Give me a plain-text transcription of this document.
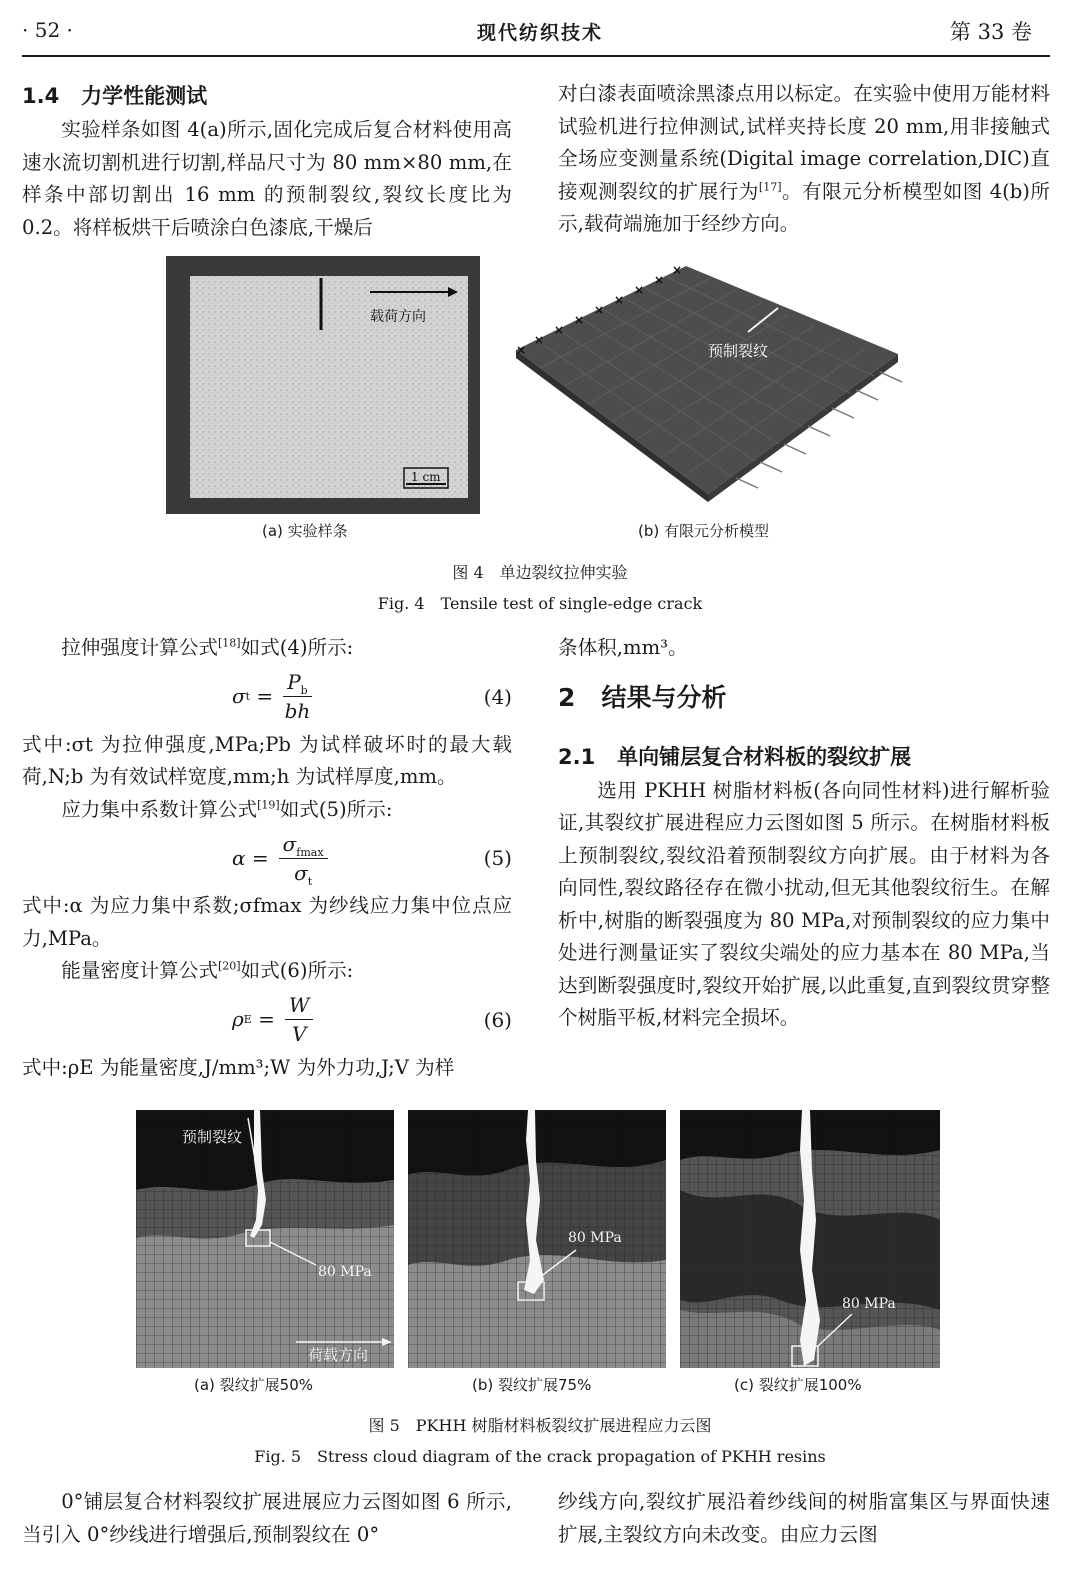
· 52 ·	现代纺织技术	第 33 卷

1.4 力学性能测试

实验样条如图 4(a)所示,固化完成后复合材料使用高速水流切割机进行切割,样品尺寸为 80 mm×80 mm,在样条中部切割出 16 mm 的预制裂纹,裂纹长度比为 0.2。将样板烘干后喷涂白色漆底,干燥后

对白漆表面喷涂黑漆点用以标定。在实验中使用万能材料试验机进行拉伸测试,试样夹持长度 20 mm,用非接触式全场应变测量系统(Digital image correlation,DIC)直接观测裂纹的扩展行为[17]。有限元分析模型如图 4(b)所示,载荷端施加于经纱方向。

载荷方向
1 cm
×
×
×
×
×
×
×
×
×
预制裂纹
(a) 实验样条	(b) 有限元分析模型
图 4　单边裂纹拉伸实验
Fig. 4　Tensile test of single-edge crack

拉伸强度计算公式[18]如式(4)所示:

σ $t = \frac{P_b}{bh}$	(4)

式中:σt 为拉伸强度,MPa;Pb 为试样破坏时的最大载荷,N;b 为有效试样宽度,mm;h 为试样厚度,mm。

应力集中系数计算公式[19]如式(5)所示:

$\alpha = \frac{\sigma_{fmax}}{\sigma_t}$	(5)

式中:α 为应力集中系数;σfmax 为纱线应力集中位点应力,MPa。

能量密度计算公式[20]如式(6)所示:

ρ $E = \frac{W}{V}$	(6)

式中:ρE 为能量密度,J/mm³;W 为外力功,J;V 为样

条体积,mm³。

2 结果与分析

2.1 单向铺层复合材料板的裂纹扩展

选用 PKHH 树脂材料板(各向同性材料)进行解析验证,其裂纹扩展进程应力云图如图 5 所示。在树脂材料板上预制裂纹,裂纹沿着预制裂纹方向扩展。由于材料为各向同性,裂纹路径存在微小扰动,但无其他裂纹衍生。在解析中,树脂的断裂强度为 80 MPa,对预制裂纹的应力集中处进行测量证实了裂纹尖端处的应力基本在 80 MPa,当达到断裂强度时,裂纹开始扩展,以此重复,直到裂纹贯穿整个树脂平板,材料完全损坏。

预制裂纹
80 MPa
荷载方向
80 MPa
80 MPa
(a) 裂纹扩展50%	(b) 裂纹扩展75%	(c) 裂纹扩展100%
图 5　PKHH 树脂材料板裂纹扩展进程应力云图
Fig. 5　Stress cloud diagram of the crack propagation of PKHH resins

0°铺层复合材料裂纹扩展进展应力云图如图 6 所示,当引入 0°纱线进行增强后,预制裂纹在 0°

纱线方向,裂纹扩展沿着纱线间的树脂富集区与界面快速扩展,主裂纹方向未改变。由应力云图
